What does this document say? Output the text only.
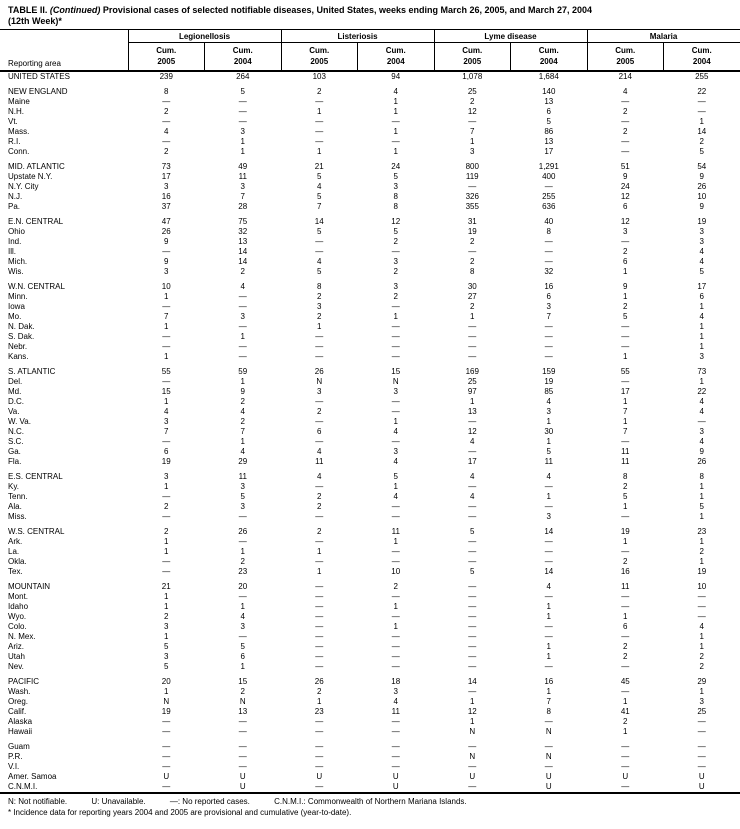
TABLE II. (Continued) Provisional cases of selected notifiable diseases, United States, weeks ending March 26, 2005, and March 27, 2004
(12th Week)*
Reporting area	Legionellosis		Listeriosis		Lyme disease		Malaria	

Cum.
2005

Cum.
2004

Cum.
2005

Cum.
2004

Cum.
2005

Cum.
2004

Cum.
2005

Cum.
2004

UNITED STATES	239	264	103	94	1,078	1,684	214	255

NEW ENGLAND	8	5	2	4	25	140	4	22
Maine	—	—	—	1	2	13	—	—
N.H.	2	—	1	1	12	6	2	—
Vt.	—	—	—	—	—	5	—	1
Mass.	4	3	—	1	7	86	2	14
R.I.	—	1	—	—	1	13	—	2
Conn.	2	1	1	1	3	17	—	5

MID. ATLANTIC	73	49	21	24	800	1,291	51	54
Upstate N.Y.	17	11	5	5	119	400	9	9
N.Y. City	3	3	4	3	—	—	24	26
N.J.	16	7	5	8	326	255	12	10
Pa.	37	28	7	8	355	636	6	9

E.N. CENTRAL	47	75	14	12	31	40	12	19
Ohio	26	32	5	5	19	8	3	3
Ind.	9	13	—	2	2	—	—	3
Ill.	—	14	—	—	—	—	2	4
Mich.	9	14	4	3	2	—	6	4
Wis.	3	2	5	2	8	32	1	5

W.N. CENTRAL	10	4	8	3	30	16	9	17
Minn.	1	—	2	2	27	6	1	6
Iowa	—	—	3	—	2	3	2	1
Mo.	7	3	2	1	1	7	5	4
N. Dak.	1	—	1	—	—	—	—	1
S. Dak.	—	1	—	—	—	—	—	1
Nebr.	—	—	—	—	—	—	—	1
Kans.	1	—	—	—	—	—	1	3

S. ATLANTIC	55	59	26	15	169	159	55	73
Del.	—	1	N	N	25	19	—	1
Md.	15	9	3	3	97	85	17	22
D.C.	1	2	—	—	1	4	1	4
Va.	4	4	2	—	13	3	7	4
W. Va.	3	2	—	1	—	1	1	—
N.C.	7	7	6	4	12	30	7	3
S.C.	—	1	—	—	4	1	—	4
Ga.	6	4	4	3	—	5	11	9
Fla.	19	29	11	4	17	11	11	26

E.S. CENTRAL	3	11	4	5	4	4	8	8
Ky.	1	3	—	1	—	—	2	1
Tenn.	—	5	2	4	4	1	5	1
Ala.	2	3	2	—	—	—	1	5
Miss.	—	—	—	—	—	3	—	1

W.S. CENTRAL	2	26	2	11	5	14	19	23
Ark.	1	—	—	1	—	—	1	1
La.	1	1	1	—	—	—	—	2
Okla.	—	2	—	—	—	—	2	1
Tex.	—	23	1	10	5	14	16	19

MOUNTAIN	21	20	—	2	—	4	11	10
Mont.	1	—	—	—	—	—	—	—
Idaho	1	1	—	1	—	1	—	—
Wyo.	2	4	—	—	—	1	1	—
Colo.	3	3	—	1	—	—	6	4
N. Mex.	1	—	—	—	—	—	—	1
Ariz.	5	5	—	—	—	1	2	1
Utah	3	6	—	—	—	1	2	2
Nev.	5	1	—	—	—	—	—	2

PACIFIC	20	15	26	18	14	16	45	29
Wash.	1	2	2	3	—	1	—	1
Oreg.	N	N	1	4	1	7	1	3
Calif.	19	13	23	11	12	8	41	25
Alaska	—	—	—	—	1	—	2	—
Hawaii	—	—	—	—	N	N	1	—

Guam	—	—	—	—	—	—	—	—
P.R.	—	—	—	—	N	N	—	—
V.I.	—	—	—	—	—	—	—	—
Amer. Samoa	U	U	U	U	U	U	U	U
C.N.M.I.	—	U	—	U	—	U	—	U
N: Not notifiable.	U: Unavailable.	—: No reported cases.	C.N.M.I.: Commonwealth of Northern Mariana Islands.
* Incidence data for reporting years 2004 and 2005 are provisional and cumulative (year-to-date).
